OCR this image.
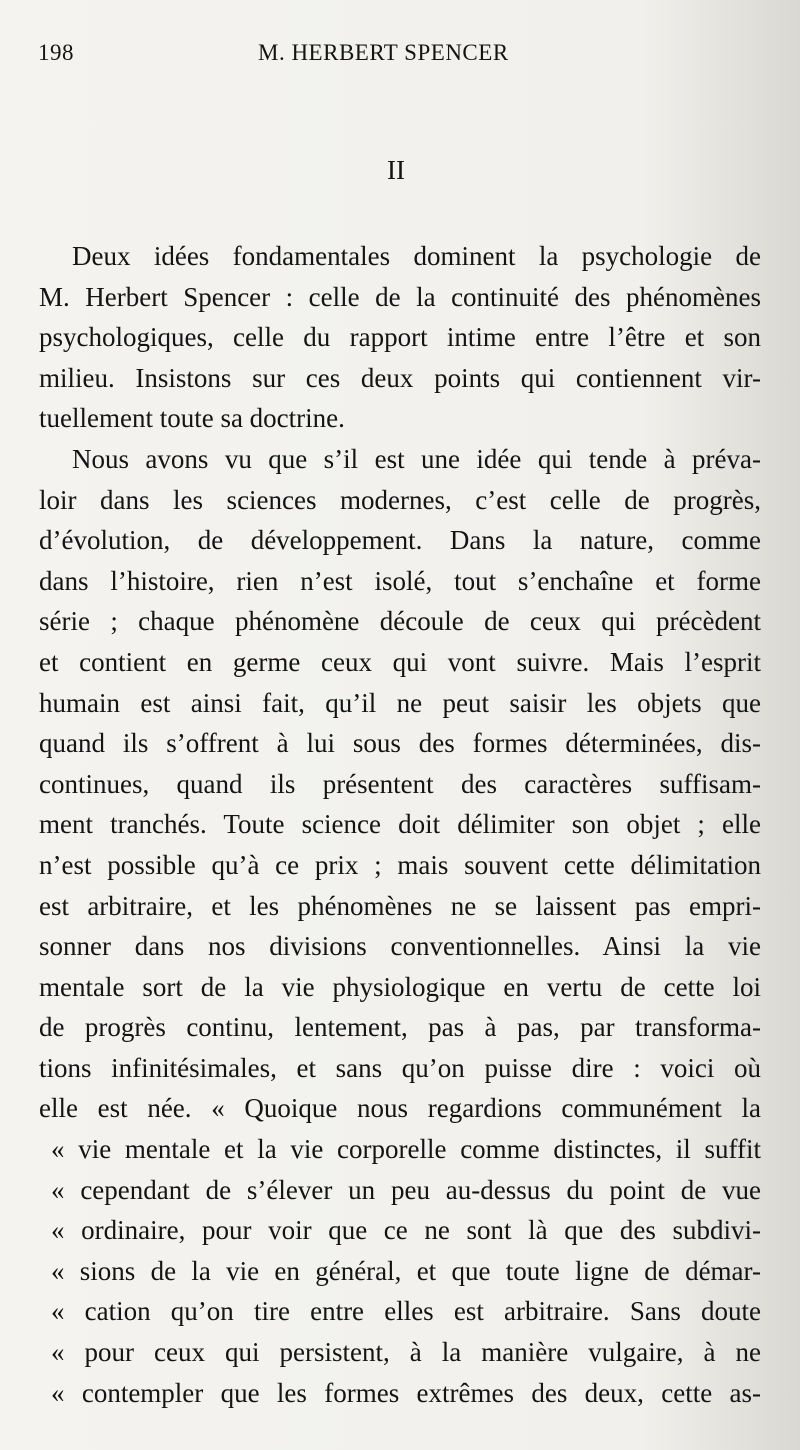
198	M. HERBERT SPENCER
II
Deux idées fondamentales dominent la psychologie de
M. Herbert Spencer : celle de la continuité des phénomènes
psychologiques, celle du rapport intime entre l’être et son
milieu. Insistons sur ces deux points qui contiennent vir-
tuellement toute sa doctrine.
Nous avons vu que s’il est une idée qui tende à préva-
loir dans les sciences modernes, c’est celle de progrès,
d’évolution, de développement. Dans la nature, comme
dans l’histoire, rien n’est isolé, tout s’enchaîne et forme
série ; chaque phénomène découle de ceux qui précèdent
et contient en germe ceux qui vont suivre. Mais l’esprit
humain est ainsi fait, qu’il ne peut saisir les objets que
quand ils s’offrent à lui sous des formes déterminées, dis-
continues, quand ils présentent des caractères suffisam-
ment tranchés. Toute science doit délimiter son objet ; elle
n’est possible qu’à ce prix ; mais souvent cette délimitation
est arbitraire, et les phénomènes ne se laissent pas empri-
sonner dans nos divisions conventionnelles. Ainsi la vie
mentale sort de la vie physiologique en vertu de cette loi
de progrès continu, lentement, pas à pas, par transforma-
tions infinitésimales, et sans qu’on puisse dire : voici où
elle est née. « Quoique nous regardions communément la
« vie mentale et la vie corporelle comme distinctes, il suffit
« cependant de s’élever un peu au-dessus du point de vue
« ordinaire, pour voir que ce ne sont là que des subdivi-
« sions de la vie en général, et que toute ligne de démar-
« cation qu’on tire entre elles est arbitraire. Sans doute
« pour ceux qui persistent, à la manière vulgaire, à ne
« contempler que les formes extrêmes des deux, cette as-
